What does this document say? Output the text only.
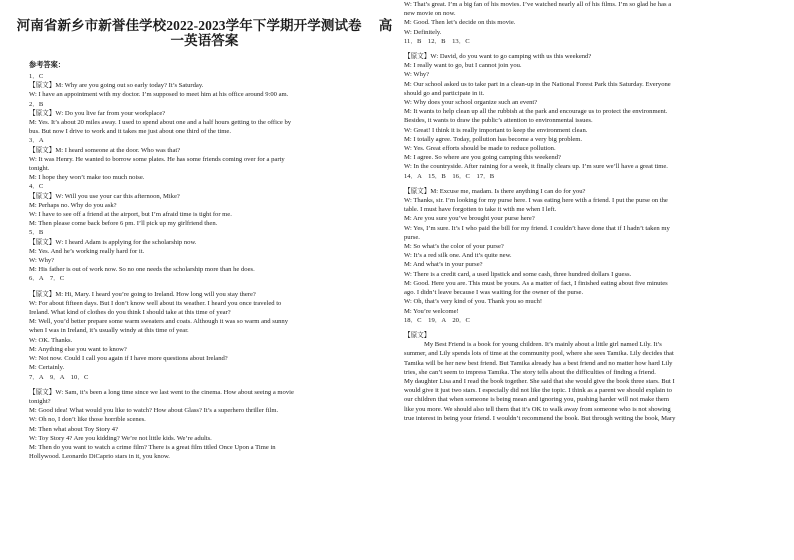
河南省新乡市新誉佳学校2022-2023学年下学期开学测试卷　 高一英语答案
参考答案：
1．C
【原文】M: Why are you going out so early today? It’s Saturday.
W: I have an appointment with my doctor. I’m supposed to meet him at his office around 9:00 am.
2．B
【原文】W: Do you live far from your workplace?
M: Yes. It’s about 20 miles away. I used to spend about one and a half hours getting to the office by
bus. But now I drive to work and it takes me just about one third of the time.
3．A
【原文】M: I heard someone at the door. Who was that?
W: It was Henry. He wanted to borrow some plates. He has some friends coming over for a party
tonight.
M: I hope they won’t make too much noise.
4．C
【原文】W: Will you use your car this afternoon, Mike?
M: Perhaps no. Why do you ask?
W: I have to see off a friend at the airport, but I’m afraid time is tight for me.
M: Then please come back before 6 pm. I’ll pick up my girlfriend then.
5．B
【原文】W: I heard Adam is applying for the scholarship now.
M: Yes. And he’s working really hard for it.
W: Why?
M: His father is out of work now. So no one needs the scholarship more than he does.
6．A　7．C
【原文】M: Hi, Mary. I heard you’re going to Ireland. How long will you stay there?
W: For about fifteen days. But I don’t know well about its weather. I heard you once traveled to
Ireland. What kind of clothes do you think I should take at this time of year?
M: Well, you’d better prepare some warm sweaters and coats. Although it was so warm and sunny
when I was in Ireland, it’s usually windy at this time of year.
W: OK. Thanks.
M: Anything else you want to know?
W: Not now. Could I call you again if I have more questions about Ireland?
M: Certainly.
7．A　9．A　10．C
【原文】W: Sam, it’s been a long time since we last went to the cinema. How about seeing a movie
tonight?
M: Good idea! What would you like to watch? How about Glass? It’s a superhero thriller film.
W: Oh no, I don’t like those horrible scenes.
M: Then what about Toy Story 4?
W: Toy Story 4? Are you kidding? We’re not little kids. We’re adults.
M: Then do you want to watch a crime film? There is a great film titled Once Upon a Time in
Hollywood. Leonardo DiCaprio stars in it, you know.
W: That’s great. I’m a big fan of his movies. I’ve watched nearly all of his films. I’m so glad he has a
new movie on now.
M: Good. Then let’s decide on this movie.
W: Definitely.
11．B　12．B　13．C
【原文】W: David, do you want to go camping with us this weekend?
M: I really want to go, but I cannot join you.
W: Why?
M: Our school asked us to take part in a clean-up in the National Forest Park this Saturday. Everyone
should go and participate in it.
W: Why does your school organize such an event?
M: It wants to help clean up all the rubbish at the park and encourage us to protect the environment.
Besides, it wants to draw the public’s attention to environmental issues.
W: Great! I think it is really important to keep the environment clean.
M: I totally agree. Today, pollution has become a very big problem.
W: Yes. Great efforts should be made to reduce pollution.
M: I agree. So where are you going camping this weekend?
W: In the countryside. After raining for a week, it finally clears up. I’m sure we’ll have a great time.
14．A　15．B　16．C　17．B
【原文】M: Excuse me, madam. Is there anything I can do for you?
W: Thanks, sir. I’m looking for my purse here. I was eating here with a friend. I put the purse on the
table. I must have forgotten to take it with me when I left.
M: Are you sure you’ve brought your purse here?
W: Yes, I’m sure. It’s I who paid the bill for my friend. I couldn’t have done that if I hadn’t taken my
purse.
M: So what’s the color of your purse?
W: It’s a red silk one. And it’s quite new.
M: And what’s in your purse?
W: There is a credit card, a used lipstick and some cash, three hundred dollars I guess.
M: Good. Here you are. This must be yours. As a matter of fact, I finished eating about five minutes
ago. I didn’t leave because I was waiting for the owner of the purse.
W: Oh, that’s very kind of you. Thank you so much!
M: You’re welcome!
18．C　19．A　20．C
【原文】
My Best Friend is a book for young children. It’s mainly about a little girl named Lily. It’s
summer, and Lily spends lots of time at the community pool, where she sees Tamika. Lily decides that
Tamika will be her new best friend. But Tamika already has a best friend and no matter how hard Lily
tries, she can’t seem to impress Tamika. The story tells about the difficulties of finding a friend.
My daughter Lisa and I read the book together. She said that she would give the book three stars. But I
would give it just two stars. I especially did not like the topic. I think as a parent we should explain to
our children that when someone is being mean and ignoring you, pushing harder will not make them
like you more. We should also tell them that it’s OK to walk away from someone who is not showing
true interest in being your friend. I wouldn’t recommend the book. But through writing the book, Mary
